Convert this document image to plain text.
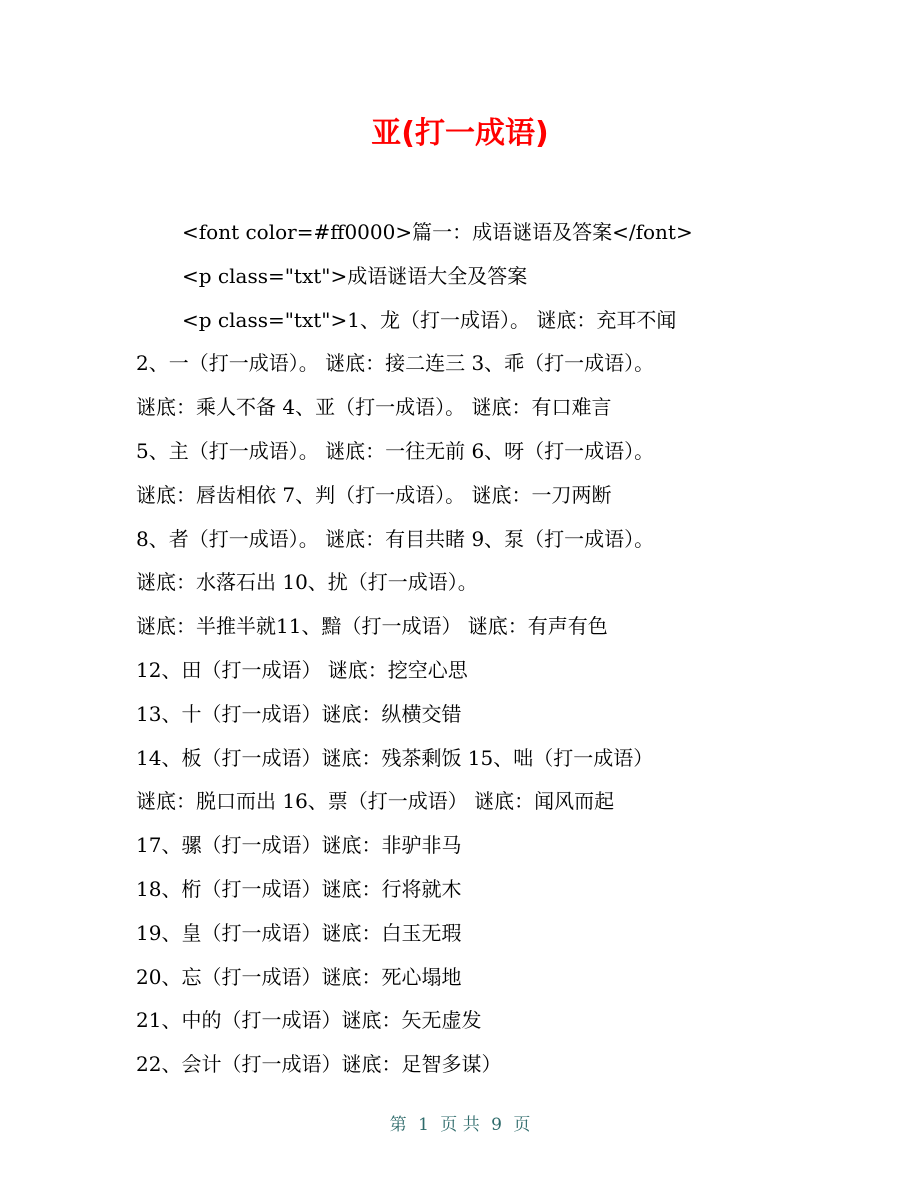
亚(打一成语)
<font color=#ff0000>篇一：成语谜语及答案</font>
<p class="txt">成语谜语大全及答案
<p class="txt">1、龙（打一成语）。 谜底：充耳不闻
2、一（打一成语）。 谜底：接二连三 3、乖（打一成语）。
谜底：乘人不备 4、亚（打一成语）。 谜底：有口难言
5、主（打一成语）。 谜底：一往无前 6、呀（打一成语）。
谜底：唇齿相依 7、判（打一成语）。 谜底：一刀两断
8、者（打一成语）。 谜底：有目共睹 9、泵（打一成语）。
谜底：水落石出 10、扰（打一成语）。
谜底：半推半就11、黯（打一成语） 谜底：有声有色
12、田（打一成语） 谜底：挖空心思
13、十（打一成语）谜底：纵横交错
14、板（打一成语）谜底：残茶剩饭 15、咄（打一成语）
谜底：脱口而出 16、票（打一成语） 谜底：闻风而起
17、骡（打一成语）谜底：非驴非马
18、桁（打一成语）谜底：行将就木
19、皇（打一成语）谜底：白玉无瑕
20、忘（打一成语）谜底：死心塌地
21、中的（打一成语）谜底：矢无虚发
22、会计（打一成语）谜底：足智多谋）
第 1 页 共 9 页
